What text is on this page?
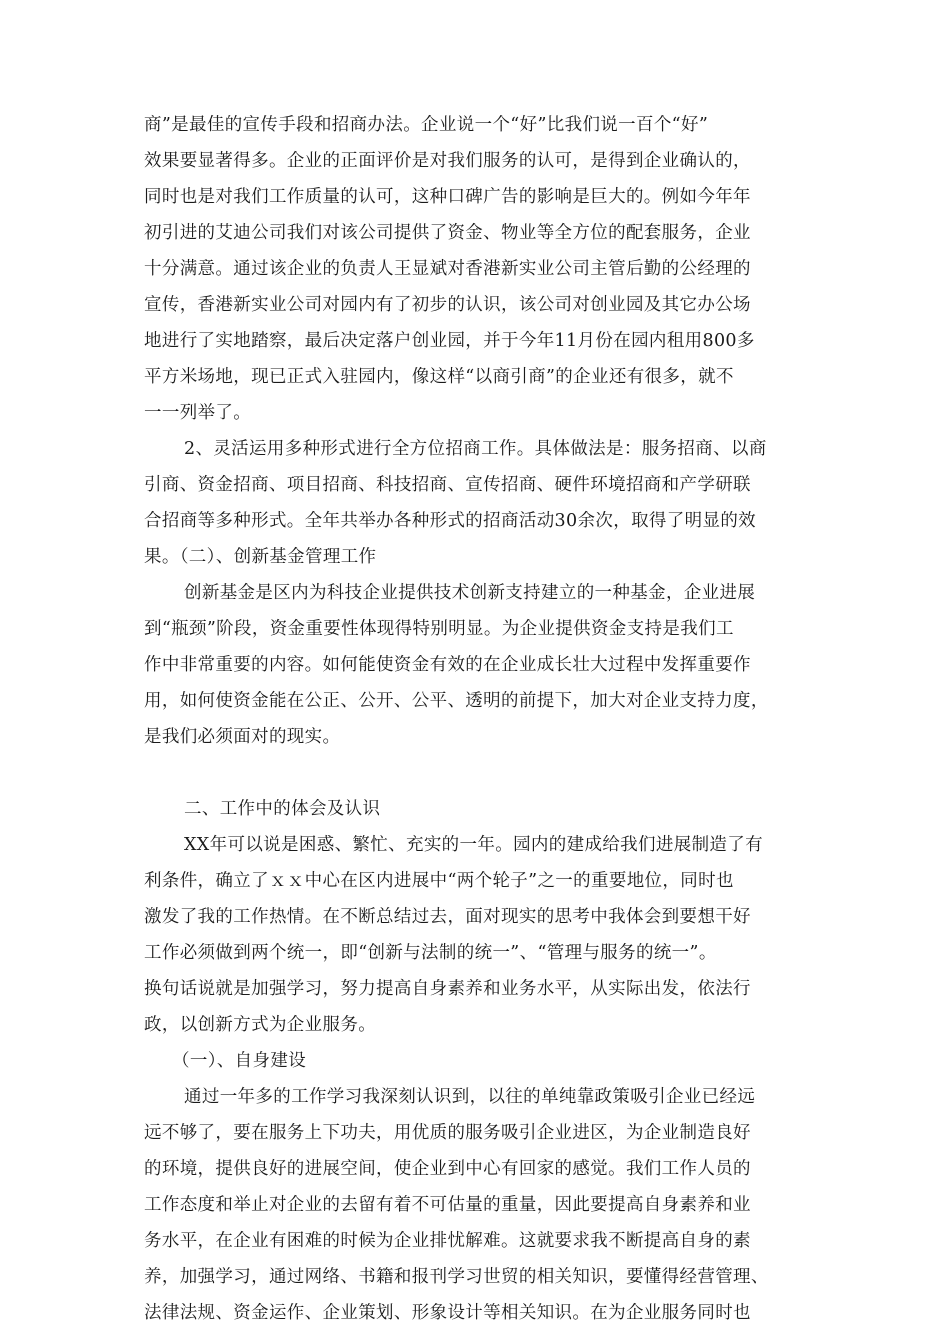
商”是最佳的宣传手段和招商办法。企业说一个“好”比我们说一百个“好”
效果要显著得多。企业的正面评价是对我们服务的认可，是得到企业确认的，
同时也是对我们工作质量的认可，这种口碑广告的影响是巨大的。例如今年年
初引进的艾迪公司我们对该公司提供了资金、物业等全方位的配套服务，企业
十分满意。通过该企业的负责人王显斌对香港新实业公司主管后勤的公经理的
宣传，香港新实业公司对园内有了初步的认识，该公司对创业园及其它办公场
地进行了实地踏察，最后决定落户创业园，并于今年11月份在园内租用800多
平方米场地，现已正式入驻园内，像这样“以商引商”的企业还有很多，就不
一一列举了。
2、灵活运用多种形式进行全方位招商工作。具体做法是：服务招商、以商
引商、资金招商、项目招商、科技招商、宣传招商、硬件环境招商和产学研联
合招商等多种形式。全年共举办各种形式的招商活动30余次，取得了明显的效
果。（二）、创新基金管理工作
创新基金是区内为科技企业提供技术创新支持建立的一种基金，企业进展
到“瓶颈”阶段，资金重要性体现得特别明显。为企业提供资金支持是我们工
作中非常重要的内容。如何能使资金有效的在企业成长壮大过程中发挥重要作
用，如何使资金能在公正、公开、公平、透明的前提下，加大对企业支持力度，
是我们必须面对的现实。
二、工作中的体会及认识
XX年可以说是困惑、繁忙、充实的一年。园内的建成给我们进展制造了有
利条件，确立了ｘｘ中心在区内进展中“两个轮子”之一的重要地位，同时也
激发了我的工作热情。在不断总结过去，面对现实的思考中我体会到要想干好
工作必须做到两个统一，即“创新与法制的统一”、“管理与服务的统一”。
换句话说就是加强学习，努力提高自身素养和业务水平，从实际出发，依法行
政，以创新方式为企业服务。
（一）、自身建设
通过一年多的工作学习我深刻认识到，以往的单纯靠政策吸引企业已经远
远不够了，要在服务上下功夫，用优质的服务吸引企业进区，为企业制造良好
的环境，提供良好的进展空间，使企业到中心有回家的感觉。我们工作人员的
工作态度和举止对企业的去留有着不可估量的重量，因此要提高自身素养和业
务水平，在企业有困难的时候为企业排忧解难。这就要求我不断提高自身的素
养，加强学习，通过网络、书籍和报刊学习世贸的相关知识，要懂得经营管理、
法律法规、资金运作、企业策划、形象设计等相关知识。在为企业服务同时也
